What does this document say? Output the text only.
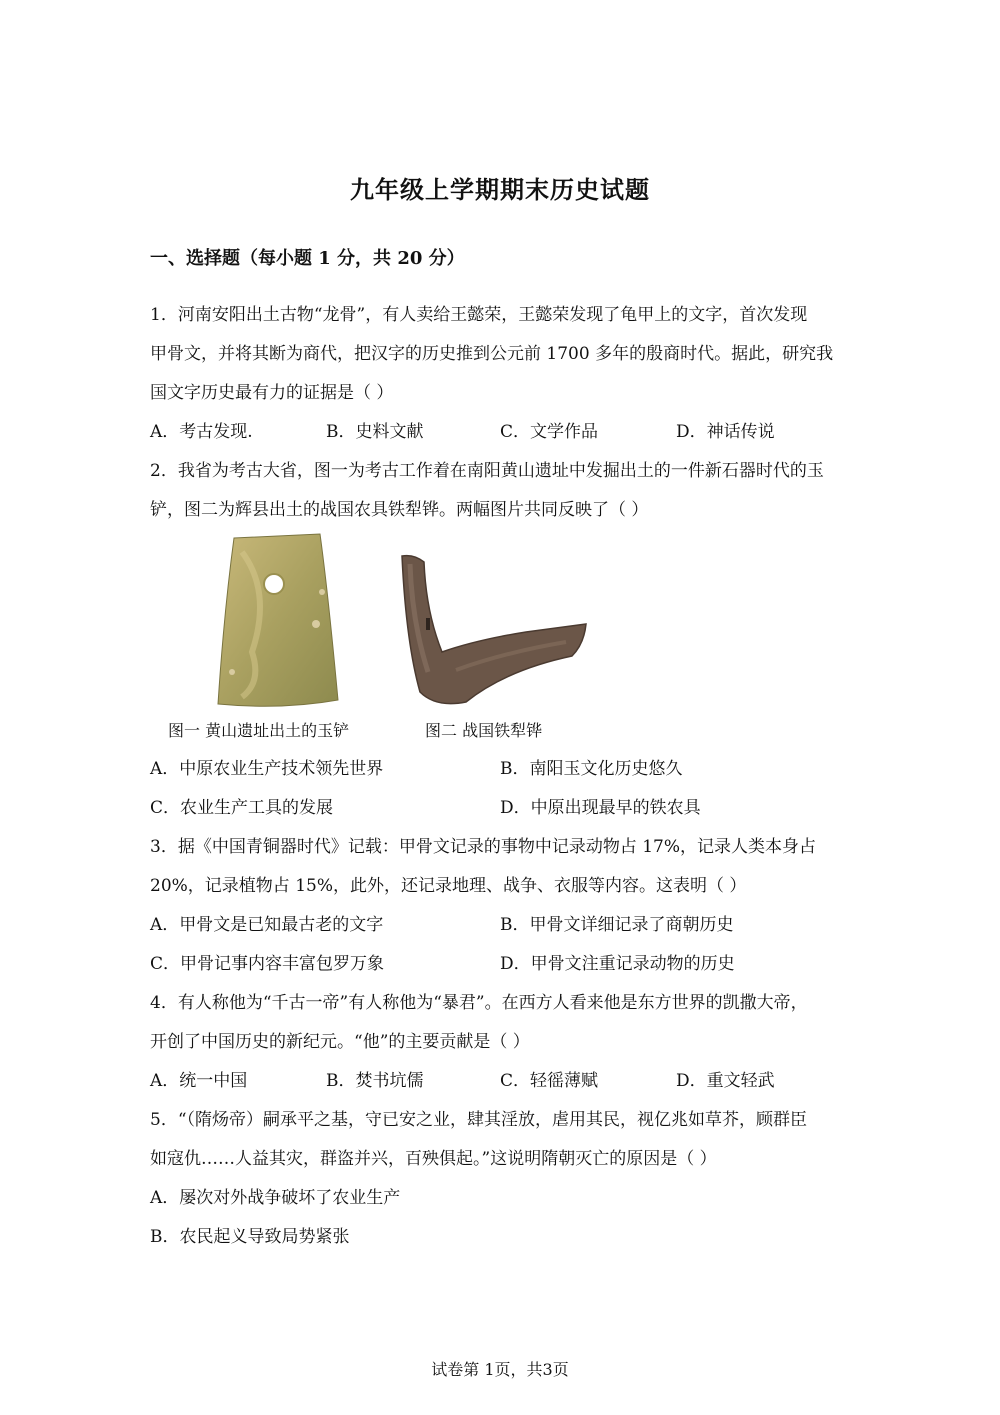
九年级上学期期末历史试题
一、选择题（每小题 1 分，共 20 分）
1．河南安阳出土古物“龙骨”，有人卖给王懿荣，王懿荣发现了龟甲上的文字，首次发现
甲骨文，并将其断为商代，把汉字的历史推到公元前 1700 多年的殷商时代。据此，研究我
国文字历史最有力的证据是（ ）
A．考古发现.	B．史料文献	C．文学作品	D．神话传说
2．我省为考古大省，图一为考古工作着在南阳黄山遗址中发掘出土的一件新石器时代的玉
铲，图二为辉县出土的战国农具铁犁铧。两幅图片共同反映了（ ）
图一 黄山遗址出土的玉铲	图二 战国铁犁铧
A．中原农业生产技术领先世界	B．南阳玉文化历史悠久
C．农业生产工具的发展	D．中原出现最早的铁农具
3．据《中国青铜器时代》记载：甲骨文记录的事物中记录动物占 17%，记录人类本身占
20%，记录植物占 15%，此外，还记录地理、战争、衣服等内容。这表明（ ）
A．甲骨文是已知最古老的文字	B．甲骨文详细记录了商朝历史
C．甲骨记事内容丰富包罗万象	D．甲骨文注重记录动物的历史
4．有人称他为“千古一帝”有人称他为“暴君”。在西方人看来他是东方世界的凯撒大帝，
开创了中国历史的新纪元。“他”的主要贡献是（ ）
A．统一中国	B．焚书坑儒	C．轻徭薄赋	D．重文轻武
5．“（隋炀帝）嗣承平之基，守已安之业，肆其淫放，虐用其民，视亿兆如草芥，顾群臣
如寇仇……人益其灾，群盗并兴，百殃俱起。”这说明隋朝灭亡的原因是（ ）
A．屡次对外战争破坏了农业生产
B．农民起义导致局势紧张
试卷第 1页，共3页
